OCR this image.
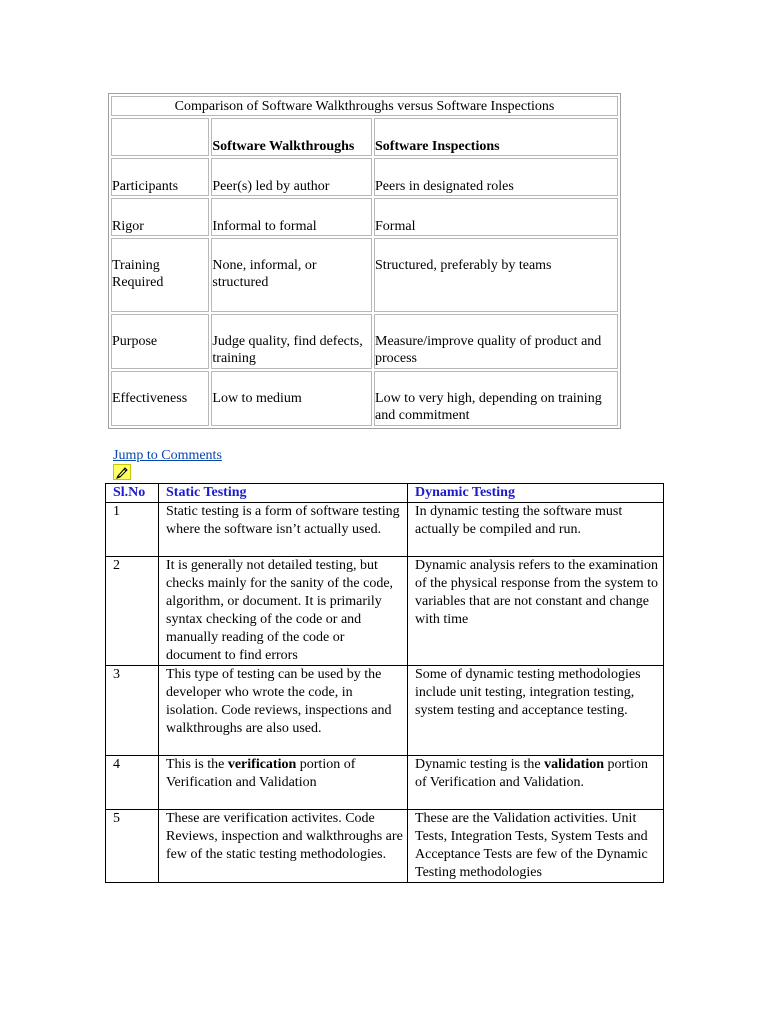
Comparison of Software Walkthroughs versus Software Inspections		
	Software Walkthroughs	Software Inspections
Participants	Peer(s) led by author	Peers in designated roles
Rigor	Informal to formal	Formal
Training Required	None, informal, or structured	Structured, preferably by teams
Purpose	Judge quality, find defects, training	Measure/improve quality of product and process
Effectiveness	Low to medium	Low to very high, depending on training and commitment
Jump to Comments
Sl.No	Static Testing	Dynamic Testing
1	Static testing is a form of software testing where the software isn’t actually used.	In dynamic testing the software must actually be compiled and run.
2	It is generally not detailed testing, but checks mainly for the sanity of the code, algorithm, or document. It is primarily syntax checking of the code or and manually reading of the code or document to find errors	Dynamic analysis refers to the examination of the physical response from the system to variables that are not constant and change with time
3	This type of testing can be used by the developer who wrote the code, in isolation. Code reviews, inspections and walkthroughs are also used.	Some of dynamic testing methodologies include unit testing, integration testing, system testing and acceptance testing.
4	This is the verification portion of Verification and Validation	Dynamic testing is the validation portion of Verification and Validation.
5	These are verification activites. Code Reviews, inspection and walkthroughs are few of the static testing methodologies.	These are the Validation activities. Unit Tests, Integration Tests, System Tests and Acceptance Tests are few of the Dynamic Testing methodologies
